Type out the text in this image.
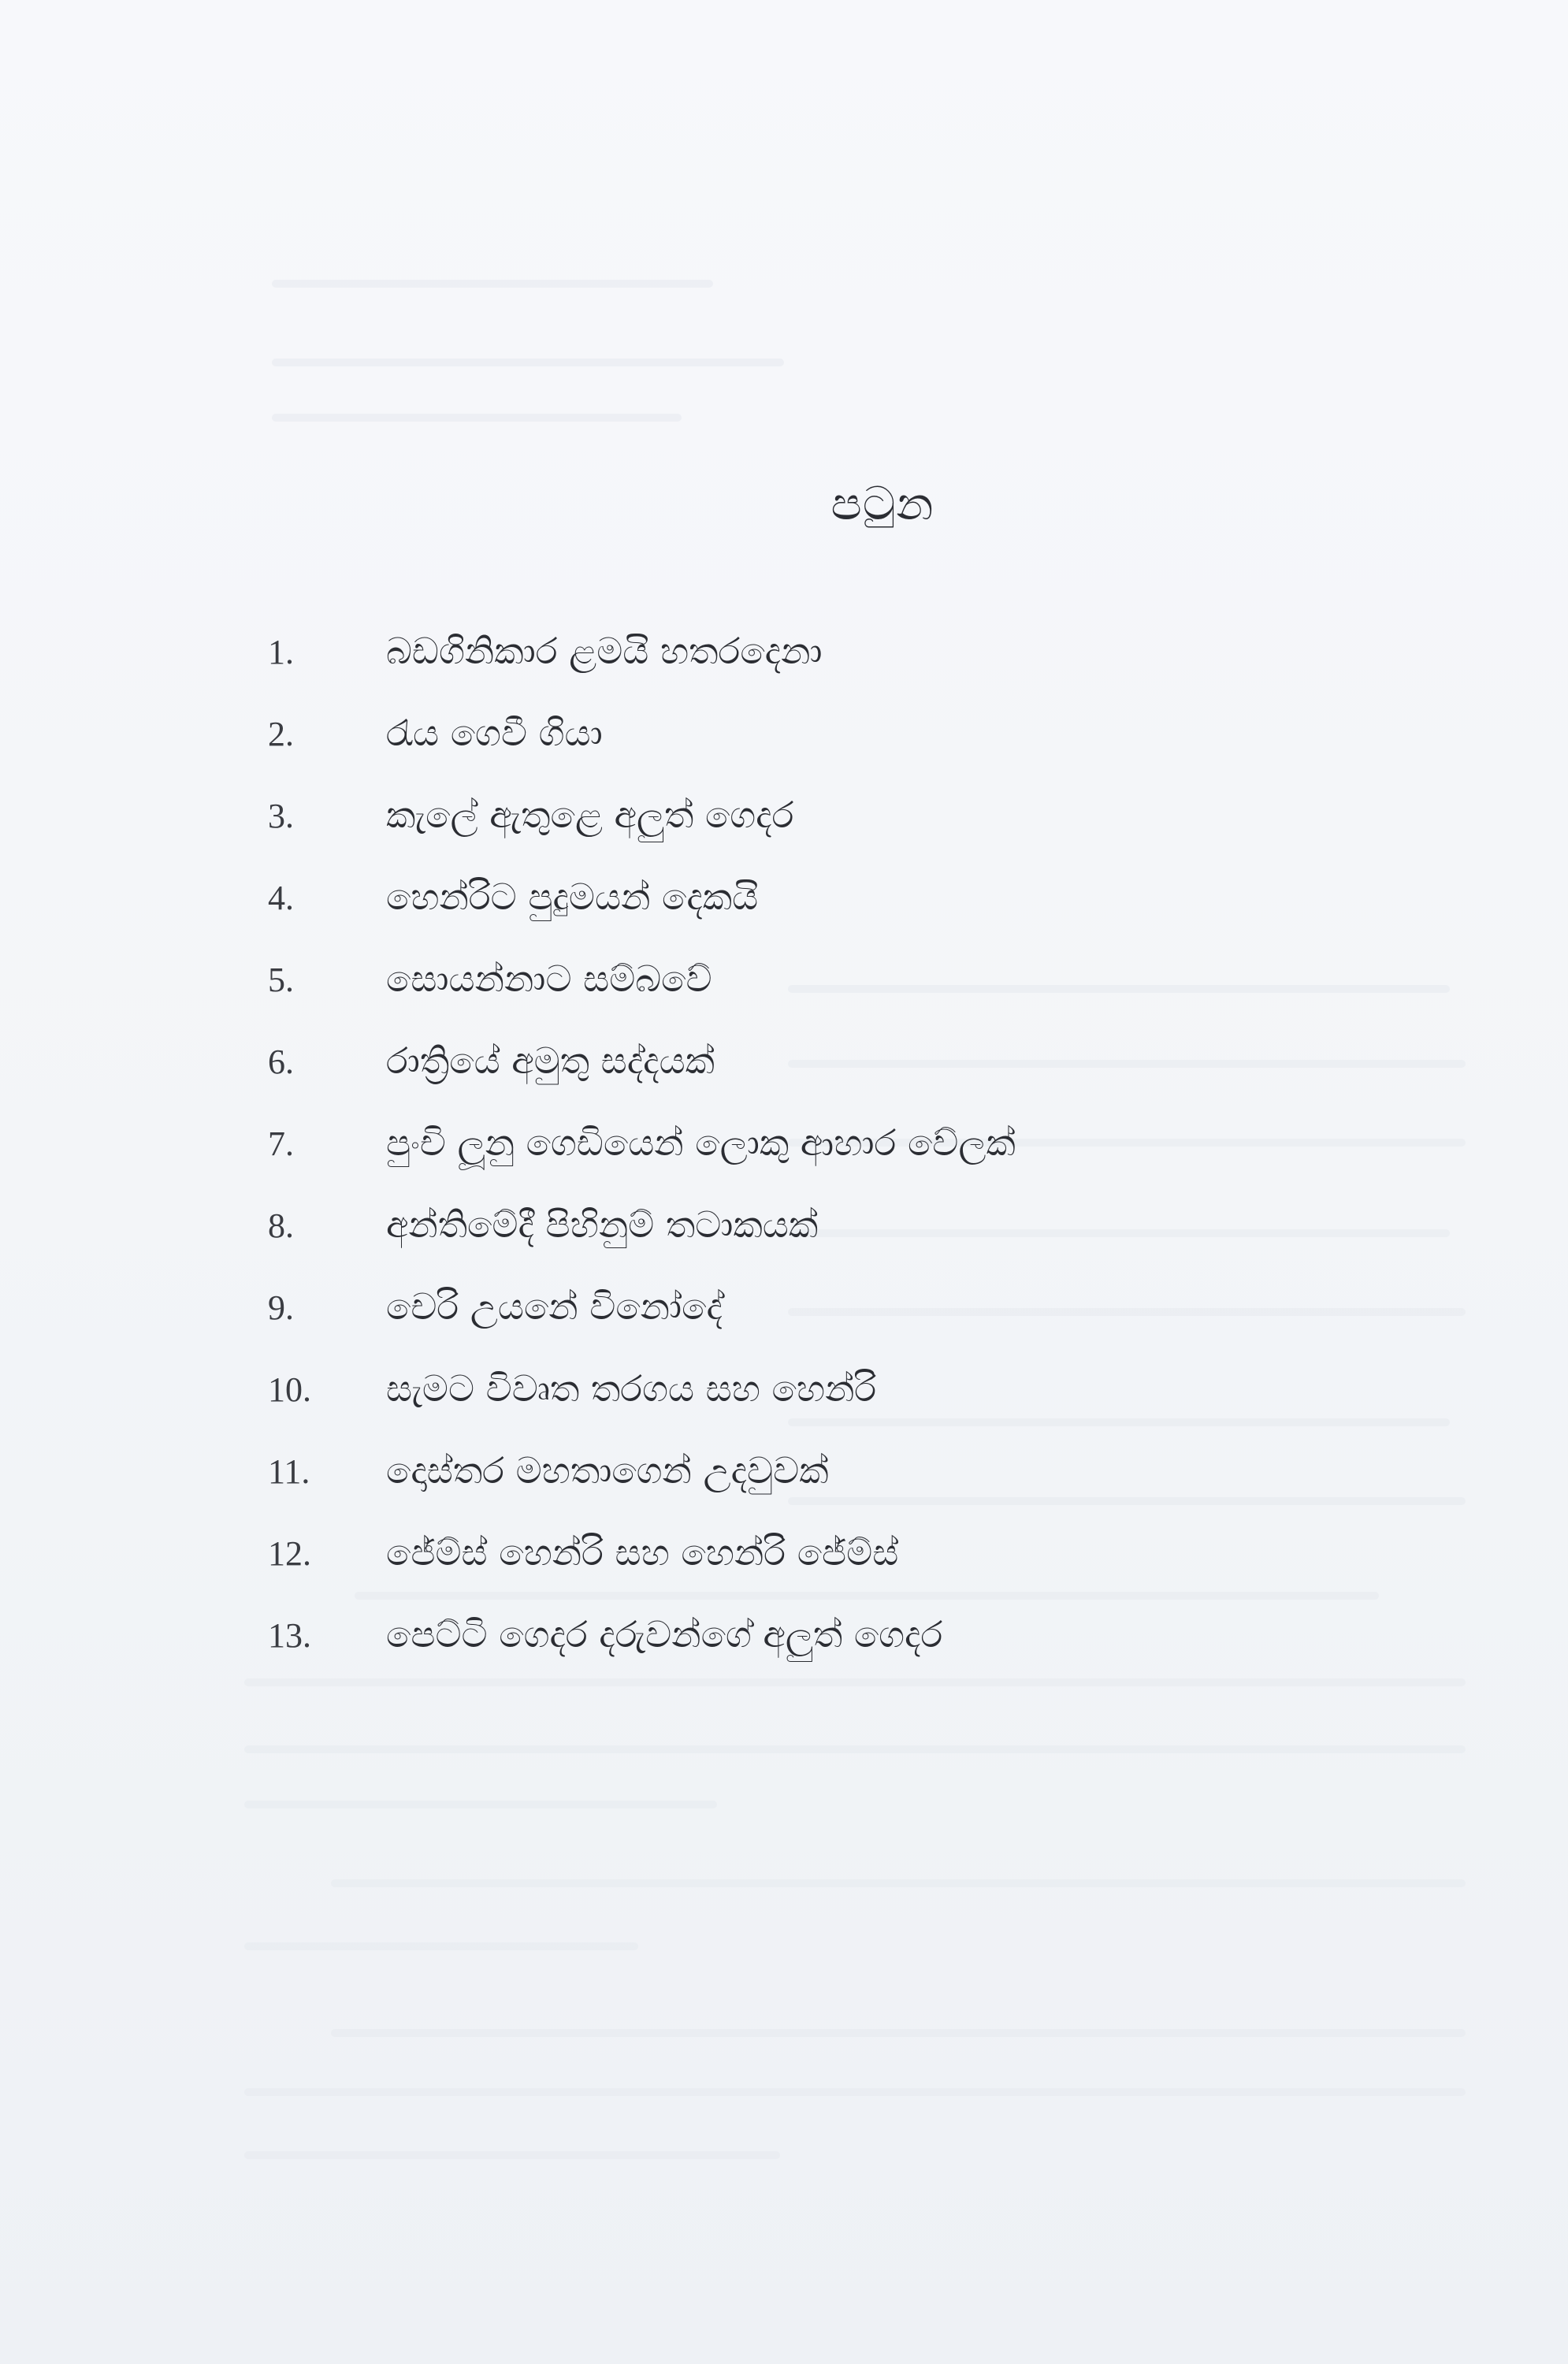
පටුන
1.	බඩගිනිකාර ළමයි හතරදෙනා
2.	රැය ගෙවී ගියා
3.	කැලේ ඇතුළෙ අලුත් ගෙදර
4.	හෙන්රිට පුදුමයන් දෙකයි
5.	සොයන්නාට සම්බවේ
6.	රාත්‍රියේ අමුතු සද්දයක්
7.	පුංචි ලූනු ගෙඩියෙන් ලොකු ආහාර වේලක්
8.	අන්තිමේදී පිහිනුම් තටාකයක්
9.	චෙරි උයනේ විනෝදේ
10.	සැමට විවෘත තරගය සහ හෙන්රි
11.	දොස්තර මහතාගෙන් උදවුවක්
12.	ජේම්ස් හෙන්රි සහ හෙන්රි ජේම්ස්
13.	පෙට්ටි ගෙදර දරුවන්ගේ අලුත් ගෙදර
